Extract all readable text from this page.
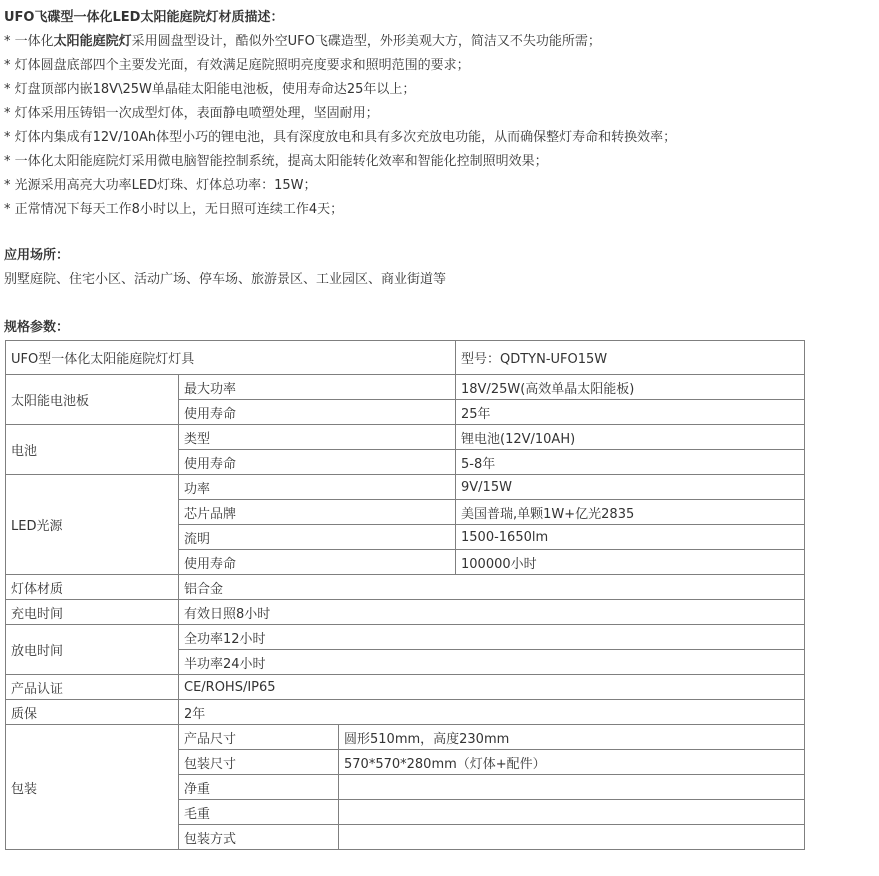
UFO飞碟型一体化LED太阳能庭院灯材质描述：
* 一体化太阳能庭院灯采用圆盘型设计，酷似外空UFO飞碟造型，外形美观大方，简洁又不失功能所需；
* 灯体圆盘底部四个主要发光面，有效满足庭院照明亮度要求和照明范围的要求；
* 灯盘顶部内嵌18V\25W单晶硅太阳能电池板，使用寿命达25年以上；
* 灯体采用压铸铝一次成型灯体，表面静电喷塑处理，坚固耐用；
* 灯体内集成有12V/10Ah体型小巧的锂电池，具有深度放电和具有多次充放电功能，从而确保整灯寿命和转换效率；
* 一体化太阳能庭院灯采用微电脑智能控制系统，提高太阳能转化效率和智能化控制照明效果；
* 光源采用高亮大功率LED灯珠、灯体总功率：15W；
* 正常情况下每天工作8小时以上，无日照可连续工作4天；
应用场所：
别墅庭院、住宅小区、活动广场、停车场、旅游景区、工业园区、商业街道等
规格参数：
UFO型一体化太阳能庭院灯灯具			型号：QDTYN-UFO15W
太阳能电池板	最大功率		18V/25W(高效单晶太阳能板)
	使用寿命		25年
电池	类型		锂电池(12V/10AH)
	使用寿命		5-8年
LED光源	功率		9V/15W
	芯片品牌		美国普瑞,单颗1W+亿光2835
	流明		1500-1650lm
	使用寿命		100000小时
灯体材质	铝合金		
充电时间	有效日照8小时		
放电时间	全功率12小时		
	半功率24小时		
产品认证	CE/ROHS/IP65		
质保	2年		
包装	产品尺寸	圆形510mm，高度230mm	
	包装尺寸	570*570*280mm（灯体+配件）	
	净重		
	毛重		
	包装方式		
